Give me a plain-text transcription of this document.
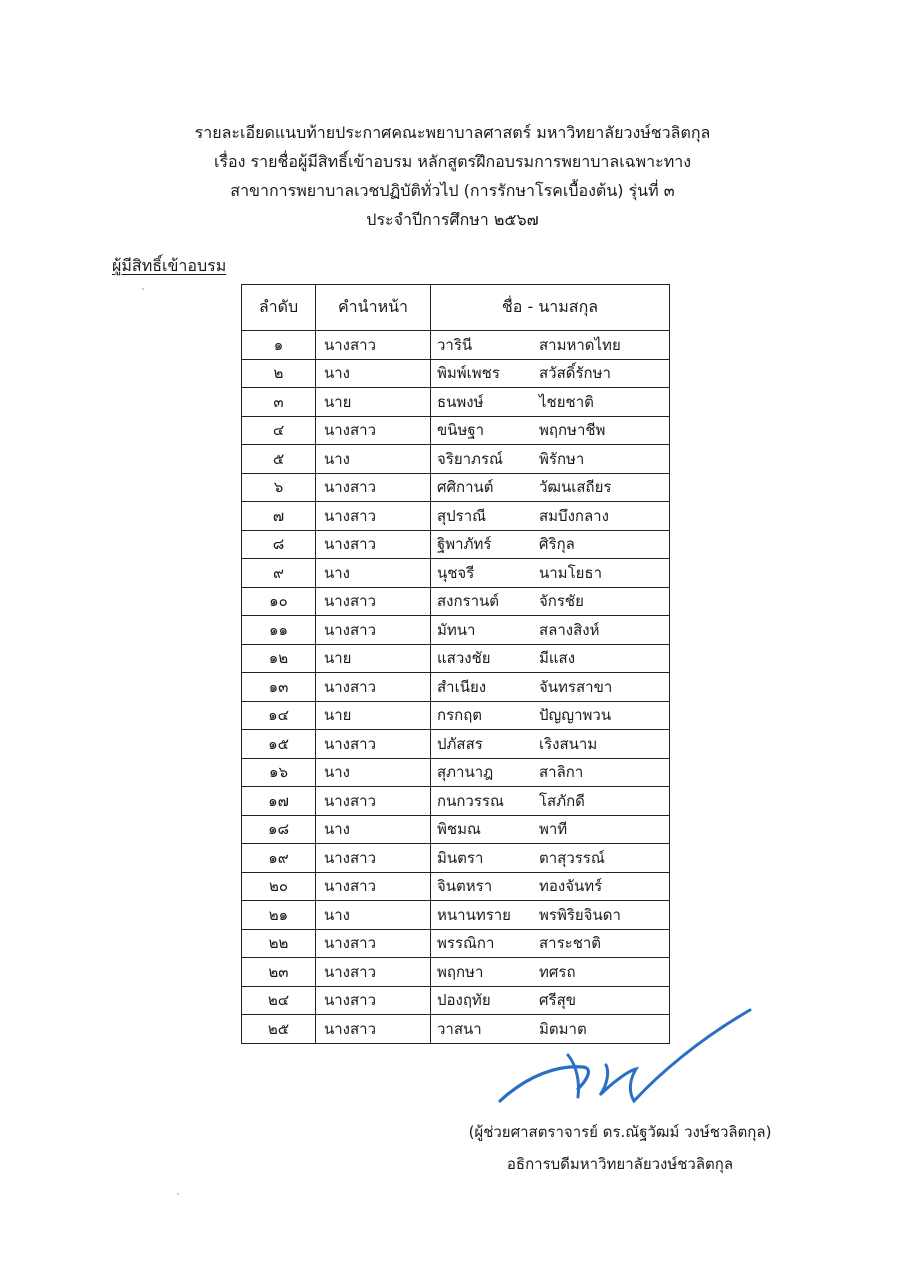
รายละเอียดแนบท้ายประกาศคณะพยาบาลศาสตร์ มหาวิทยาลัยวงษ์ชวลิตกุล
เรื่อง รายชื่อผู้มีสิทธิ์เข้าอบรม หลักสูตรฝึกอบรมการพยาบาลเฉพาะทาง
สาขาการพยาบาลเวชปฏิบัติทั่วไป (การรักษาโรคเบื้องต้น) รุ่นที่ ๓
ประจำปีการศึกษา ๒๕๖๗
ผู้มีสิทธิ์เข้าอบรม
ลำดับ	คำนำหน้า	ชื่อ - นามสกุล
๑	นางสาว	วารินี สามหาดไทย
๒	นาง	พิมพ์เพชร สวัสดิ์รักษา
๓	นาย	ธนพงษ์ ไชยชาติ
๔	นางสาว	ขนิษฐา พฤกษาชีพ
๕	นาง	จริยาภรณ์ พิรักษา
๖	นางสาว	ศศิกานต์ วัฒนเสถียร
๗	นางสาว	สุปราณี สมบึงกลาง
๘	นางสาว	ฐิพาภัทร์ ศิริกุล
๙	นาง	นุชจรี นามโยธา
๑๐	นางสาว	สงกรานต์ จักรชัย
๑๑	นางสาว	มัทนา สลางสิงห์
๑๒	นาย	แสวงชัย มีแสง
๑๓	นางสาว	สำเนียง จันทรสาขา
๑๔	นาย	กรกฤต ปัญญาพวน
๑๕	นางสาว	ปภัสสร เริงสนาม
๑๖	นาง	สุภานาฎ สาลิกา
๑๗	นางสาว	กนกวรรณ โสภักดี
๑๘	นาง	พิชมณ พาที
๑๙	นางสาว	มินตรา ตาสุวรรณ์
๒๐	นางสาว	จินตหรา ทองจันทร์
๒๑	นาง	หนานทราย พรพิริยจินดา
๒๒	นางสาว	พรรณิกา สาระชาติ
๒๓	นางสาว	พฤกษา ทศรถ
๒๔	นางสาว	ปองฤทัย ศรีสุข
๒๕	นางสาว	วาสนา มิตมาต
(ผู้ช่วยศาสตราจารย์ ดร.ณัฐวัฒม์ วงษ์ชวลิตกุล)
อธิการบดีมหาวิทยาลัยวงษ์ชวลิตกุล
